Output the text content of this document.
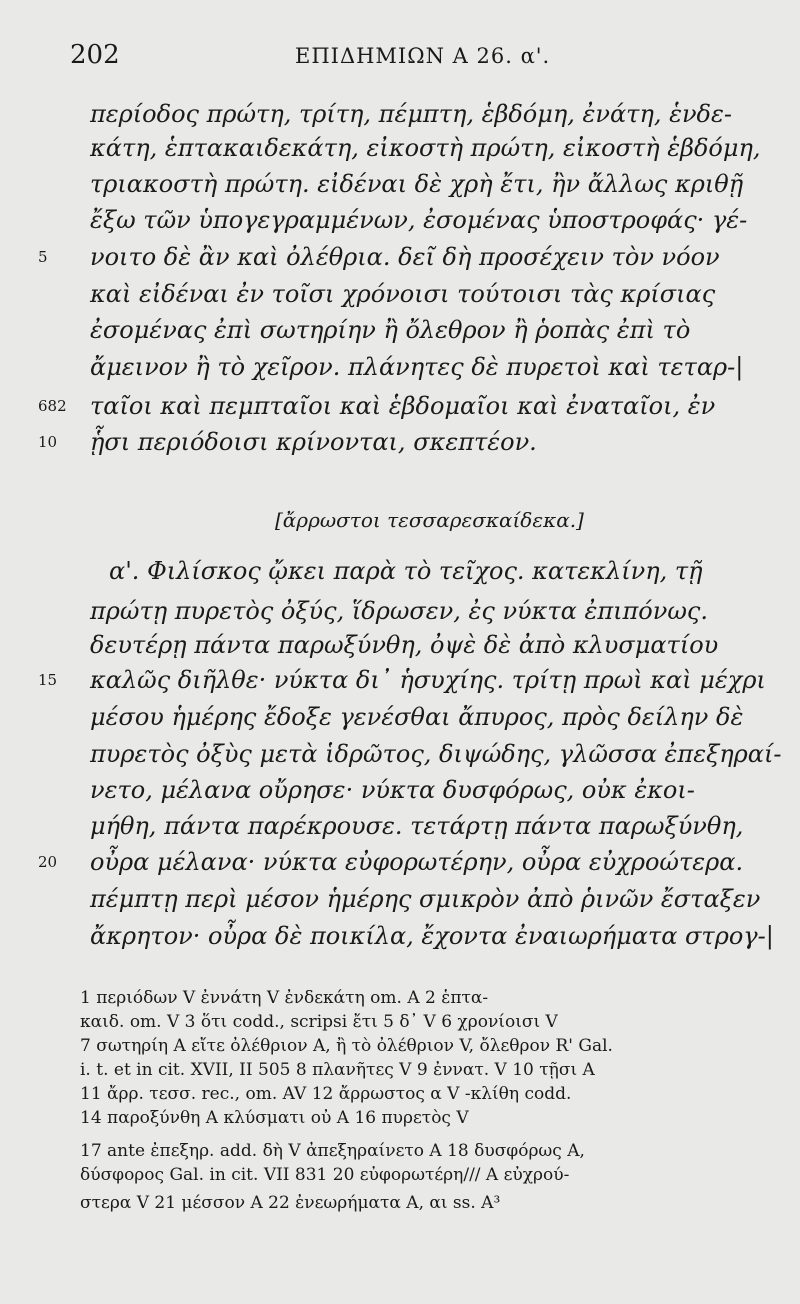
202	ΕΠΙΔΗΜΙΩΝ Α 26. α'.
περίοδος πρώτη, τρίτη, πέμπτη, ἑβδόμη, ἐνάτη, ἑνδε-
κάτη, ἑπτακαιδεκάτη, εἰκοστὴ πρώτη, εἰκοστὴ ἑβδόμη,
τριακοστὴ πρώτη. εἰδέναι δὲ χρὴ ἔτι, ἢν ἄλλως κριθῇ
ἔξω τῶν ὑπογεγραμμένων, ἐσομένας ὑποστροφάς· γέ-
νοιτο δὲ ἂν καὶ ὀλέθρια. δεῖ δὴ προσέχειν τὸν νόον
5
καὶ εἰδέναι ἐν τοῖσι χρόνοισι τούτοισι τὰς κρίσιας
ἐσομένας ἐπὶ σωτηρίην ἢ ὄλεθρον ἢ ῥοπὰς ἐπὶ τὸ
ἄμεινον ἢ τὸ χεῖρον. πλάνητες δὲ πυρετοὶ καὶ τεταρ-|
ταῖοι καὶ πεμπταῖοι καὶ ἑβδομαῖοι καὶ ἐναταῖοι, ἐν
682
ᾗσι περιόδοισι κρίνονται, σκεπτέον.
10
[ἄρρωστοι τεσσαρεσκαίδεκα.]
α'. Φιλίσκος ᾤκει παρὰ τὸ τεῖχος. κατεκλίνη, τῇ
πρώτῃ πυρετὸς ὀξύς, ἵδρωσεν, ἐς νύκτα ἐπιπόνως.
δευτέρῃ πάντα παρωξύνθη, ὀψὲ δὲ ἀπὸ κλυσματίου
καλῶς διῆλθε· νύκτα δι᾿ ἡσυχίης. τρίτῃ πρωὶ καὶ μέχρι
15
μέσου ἡμέρης ἔδοξε γενέσθαι ἄπυρος, πρὸς δείλην δὲ
πυρετὸς ὀξὺς μετὰ ἱδρῶτος, διψώδης, γλῶσσα ἐπεξηραί-
νετο, μέλανα οὔρησε· νύκτα δυσφόρως, οὐκ ἐκοι-
μήθη, πάντα παρέκρουσε. τετάρτῃ πάντα παρωξύνθη,
οὖρα μέλανα· νύκτα εὐφορωτέρην, οὖρα εὐχροώτερα.
20
πέμπτῃ περὶ μέσον ἡμέρης σμικρὸν ἀπὸ ῥινῶν ἔσταξεν
ἄκρητον· οὖρα δὲ ποικίλα, ἔχοντα ἐναιωρήματα στρογ-|
1 περιόδων V ἐννάτη V ἐνδεκάτη om. A 2 ἑπτα-
καιδ. om. V 3 ὅτι codd., scripsi ἔτι 5 δ᾿ V 6 χρονίοισι V
7 σωτηρίη A εἴτε ὀλέθριον A, ἢ τὸ ὀλέθριον V, ὄλεθρον R' Gal.
i. t. et in cit. XVII, II 505 8 πλανῆτες V 9 ἐννατ. V 10 τῇσι A
11 ἄρρ. τεσσ. rec., om. AV 12 ἄρρωστος α V -κλίθη codd.
14 παροξύνθη A κλύσματι οὐ A 16 πυρετὸς V
17 ante ἐπεξηρ. add. δὴ V ἀπεξηραίνετο A 18 δυσφόρως A,
δύσφορος Gal. in cit. VII 831 20 εὐφορωτέρη/// A εὐχρού-
στερα V 21 μέσσον A 22 ἐνεωρήματα A, αι ss. A³
